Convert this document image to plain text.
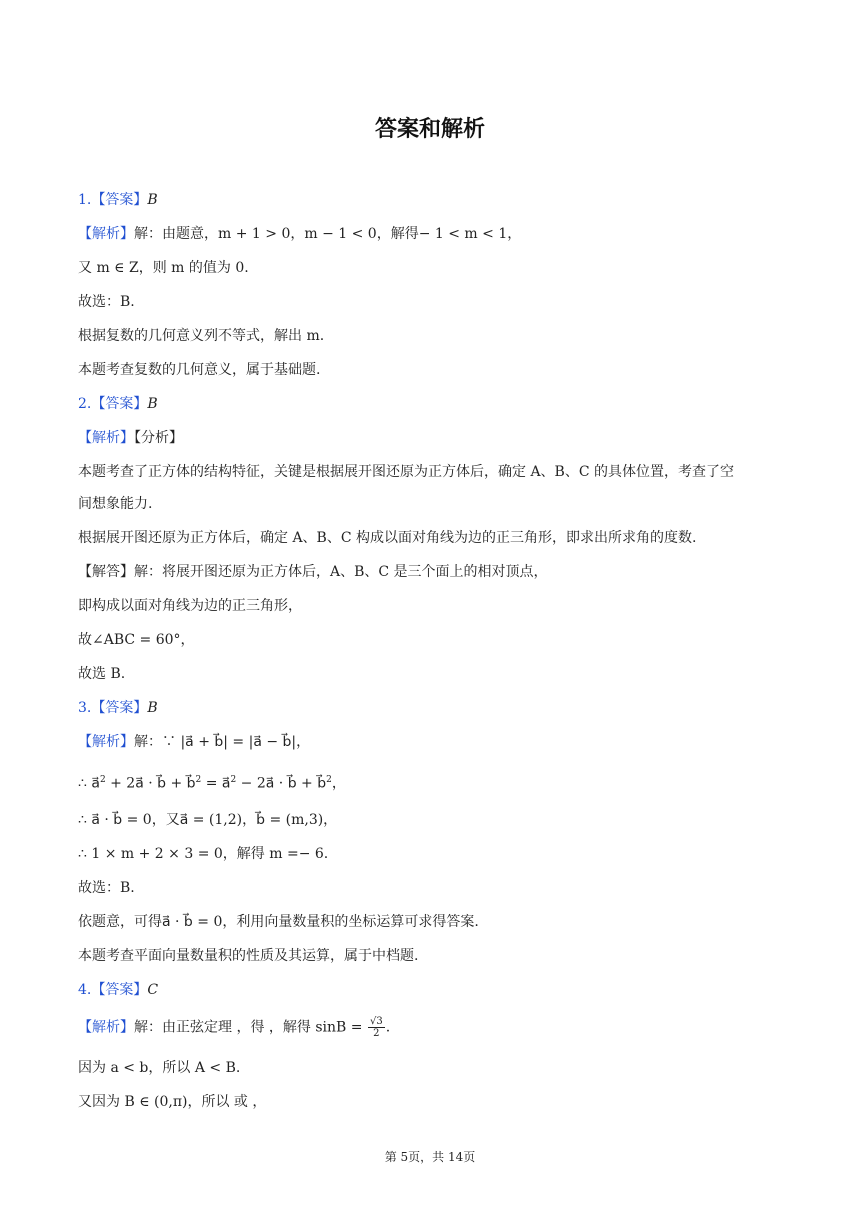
答案和解析
1.【答案】B
【解析】解：由题意，m + 1 > 0，m − 1 < 0，解得− 1 < m < 1，
又 m ∈ Z，则 m 的值为 0.
故选：B.
根据复数的几何意义列不等式，解出 m.
本题考查复数的几何意义，属于基础题.
2.【答案】B
【解析】【分析】
本题考查了正方体的结构特征，关键是根据展开图还原为正方体后，确定 A、B、C 的具体位置，考查了空
间想象能力.
根据展开图还原为正方体后，确定 A、B、C 构成以面对角线为边的正三角形，即求出所求角的度数.
【解答】解：将展开图还原为正方体后，A、B、C 是三个面上的相对顶点，
即构成以面对角线为边的正三角形，
故∠ABC = 60°，
故选 B.
3.【答案】B
【解析】解：∵ |a⃗ + b⃗| = |a⃗ − b⃗|，
∴ a⃗$^2$ + 2a⃗ · b⃗ + b⃗$^2$ = a⃗$^2$ − 2a⃗ · b⃗ + b⃗$^2$，
∴ a⃗ · b⃗ = 0，又a⃗ = (1,2)，b⃗ = (m,3)，
∴ 1 × m + 2 × 3 = 0，解得 m =− 6.
故选：B.
依题意，可得a⃗ · b⃗ = 0，利用向量数量积的坐标运算可求得答案.
本题考查平面向量数量积的性质及其运算，属于中档题.
4.【答案】C
【解析】解：由正弦定理 ，得 ，解得 $\sin B = \frac{√3}{2}$ .
因为 a < b，所以 A < B.
又因为 B ∈ (0,π)，所以 或 ，
第 5页，共 14页
